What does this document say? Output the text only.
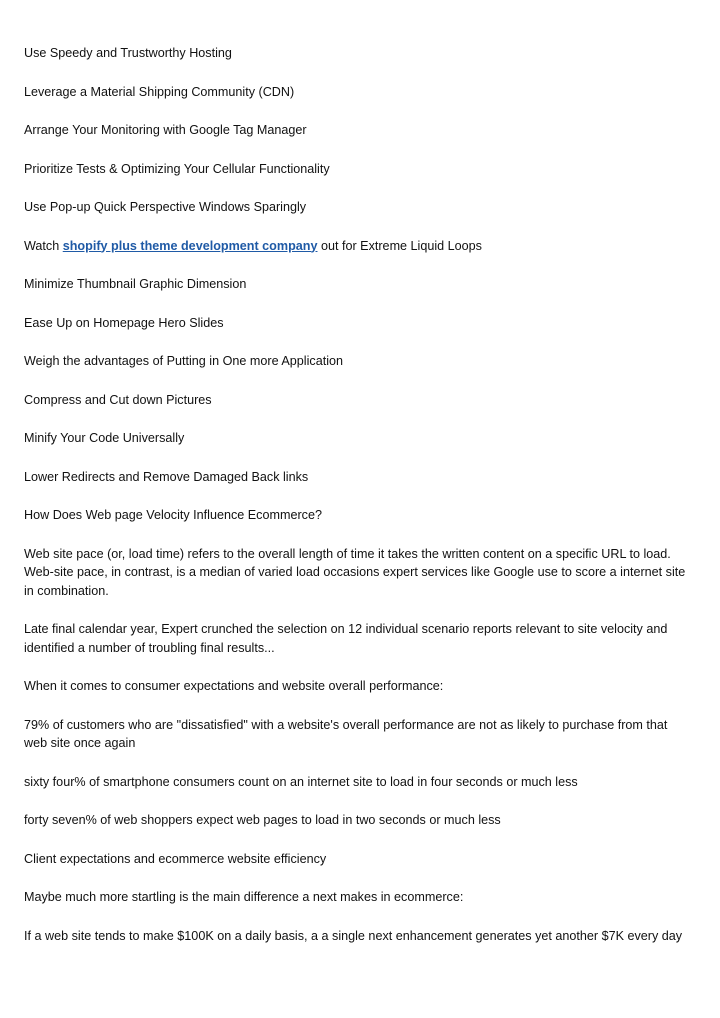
Use Speedy and Trustworthy Hosting

Leverage a Material Shipping Community (CDN)

Arrange Your Monitoring with Google Tag Manager

Prioritize Tests & Optimizing Your Cellular Functionality

Use Pop-up Quick Perspective Windows Sparingly

Watch shopify plus theme development company out for Extreme Liquid Loops

Minimize Thumbnail Graphic Dimension

Ease Up on Homepage Hero Slides

Weigh the advantages of Putting in One more Application

Compress and Cut down Pictures

Minify Your Code Universally

Lower Redirects and Remove Damaged Back links

How Does Web page Velocity Influence Ecommerce?

Web site pace (or, load time) refers to the overall length of time it takes the written content on a specific URL to load. Web-site pace, in contrast, is a median of varied load occasions expert services like Google use to score a internet site in combination.

Late final calendar year, Expert crunched the selection on 12 individual scenario reports relevant to site velocity and identified a number of troubling final results...

When it comes to consumer expectations and website overall performance:

79% of customers who are "dissatisfied" with a website's overall performance are not as likely to purchase from that web site once again

sixty four% of smartphone consumers count on an internet site to load in four seconds or much less

forty seven% of web shoppers expect web pages to load in two seconds or much less

Client expectations and ecommerce website efficiency

Maybe much more startling is the main difference a next makes in ecommerce:

If a web site tends to make $100K on a daily basis, a a single next enhancement generates yet another $7K every day
